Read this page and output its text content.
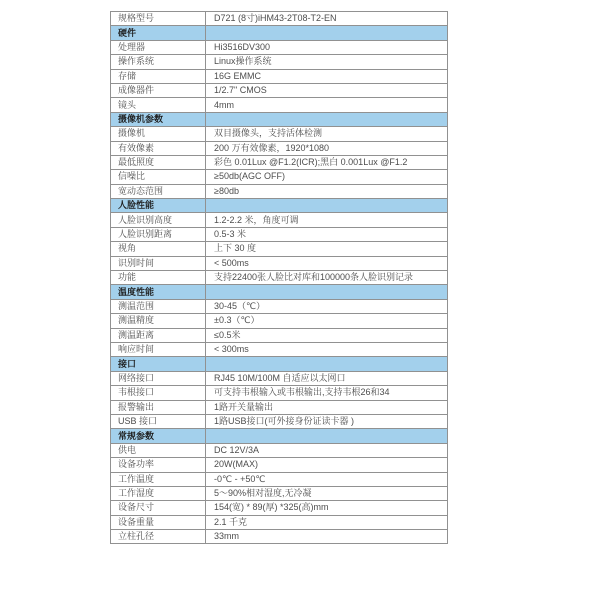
规格型号	D721 (8寸)iHM43-2T08-T2-EN
硬件	
处理器	Hi3516DV300
操作系统	Linux操作系统
存储	16G EMMC
成像器件	1/2.7" CMOS
镜头	4mm
摄像机参数	
摄像机	双目摄像头，支持活体检测
有效像素	200 万有效像素，1920*1080
最低照度	彩色 0.01Lux @F1.2(ICR);黑白 0.001Lux @F1.2
信噪比	≥50db(AGC OFF)
宽动态范围	≥80db
人脸性能	
人脸识别高度	1.2-2.2 米，角度可调
人脸识别距离	0.5-3 米
视角	上下 30 度
识别时间	< 500ms
功能	支持22400张人脸比对库和100000条人脸识别记录
温度性能	
测温范围	30-45（℃）
测温精度	±0.3（℃）
测温距离	≤0.5米
响应时间	< 300ms
接口	
网络接口	RJ45 10M/100M 自适应以太网口
韦根接口	可支持韦根输入或韦根输出,支持韦根26和34
报警输出	1路开关量输出
USB 接口	1路USB接口(可外接身份证读卡器 )
常规参数	
供电	DC 12V/3A
设备功率	20W(MAX)
工作温度	-0℃ - +50℃
工作湿度	5～90%相对湿度,无冷凝
设备尺寸	154(宽) * 89(厚) *325(高)mm
设备重量	2.1 千克
立柱孔径	33mm
